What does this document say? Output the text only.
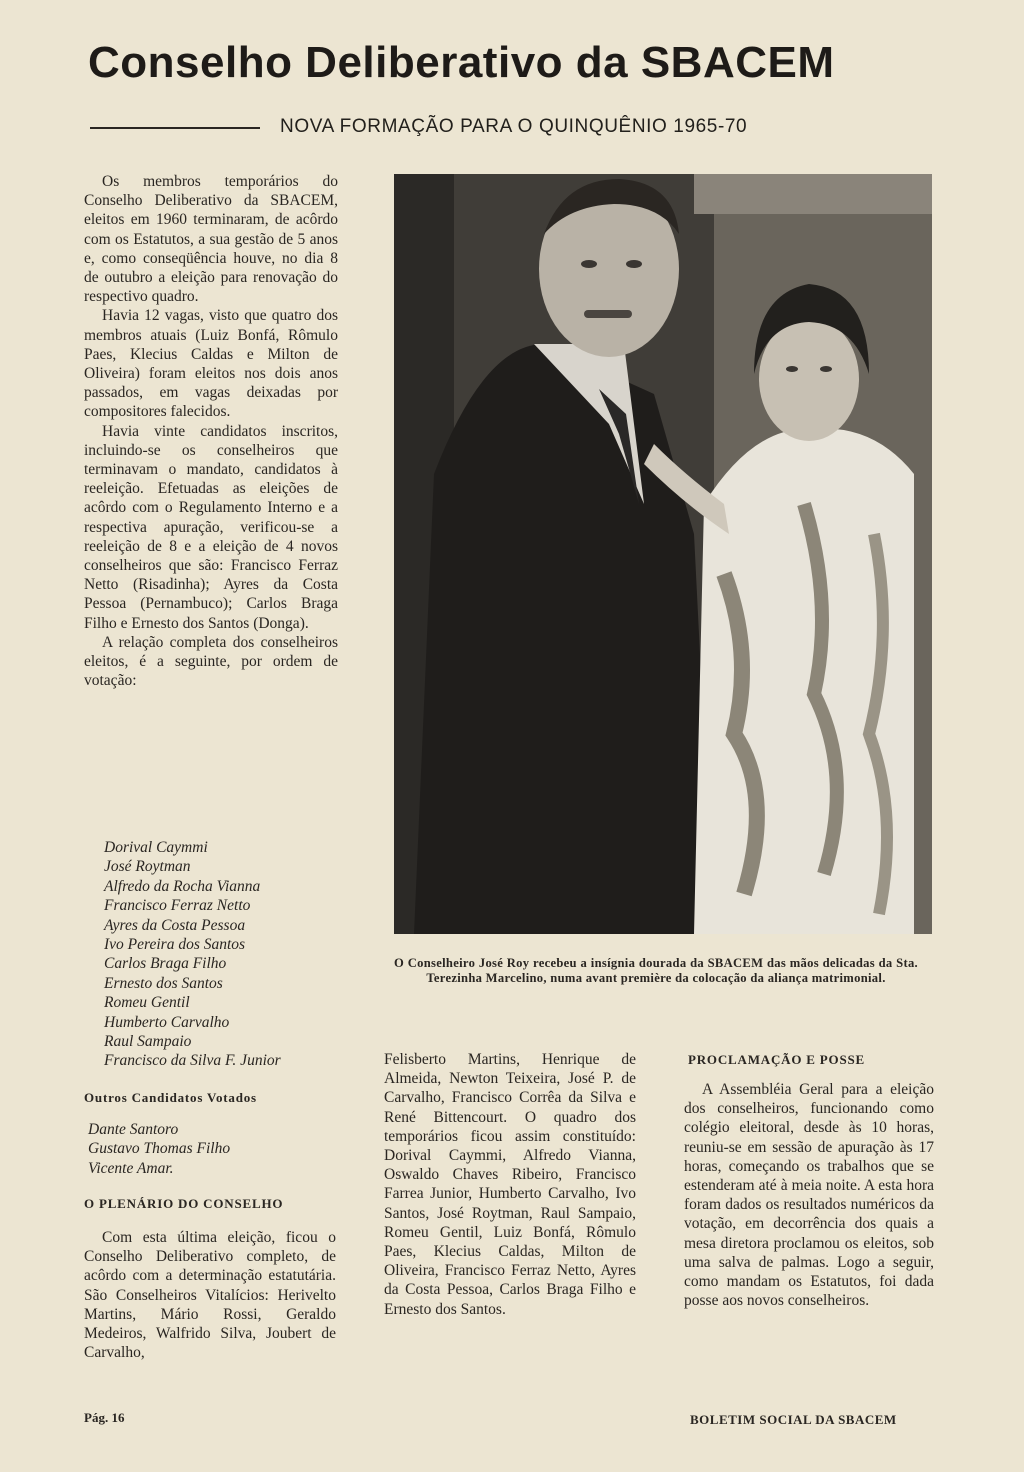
Conselho Deliberativo da SBACEM
NOVA FORMAÇÃO PARA O QUINQUÊNIO 1965-70

Os membros temporários do Conselho Deliberativo da SBACEM, eleitos em 1960 terminaram, de acôrdo com os Estatutos, a sua gestão de 5 anos e, como conseqüência houve, no dia 8 de outubro a eleição para renovação do respectivo quadro.

Havia 12 vagas, visto que quatro dos membros atuais (Luiz Bonfá, Rômulo Paes, Klecius Caldas e Milton de Oliveira) foram eleitos nos dois anos passados, em vagas deixadas por compositores falecidos.

Havia vinte candidatos inscritos, incluindo-se os conselheiros que terminavam o mandato, candidatos à reeleição. Efetuadas as eleições de acôrdo com o Regulamento Interno e a respectiva apuração, verificou-se a reeleição de 8 e a eleição de 4 novos conselheiros que são: Francisco Ferraz Netto (Risadinha); Ayres da Costa Pessoa (Pernambuco); Carlos Braga Filho e Ernesto dos Santos (Donga).

A relação completa dos conselheiros eleitos, é a seguinte, por ordem de votação:

Dorival Caymmi
José Roytman
Alfredo da Rocha Vianna
Francisco Ferraz Netto
Ayres da Costa Pessoa
Ivo Pereira dos Santos
Carlos Braga Filho
Ernesto dos Santos
Romeu Gentil
Humberto Carvalho
Raul Sampaio
Francisco da Silva F. Junior
Outros Candidatos Votados
Dante Santoro
Gustavo Thomas Filho
Vicente Amar.
O PLENÁRIO DO CONSELHO

Com esta última eleição, ficou o Conselho Deliberativo completo, de acôrdo com a determinação estatutária. São Conselheiros Vitalícios: Herivelto Martins, Mário Rossi, Geraldo Medeiros, Walfrido Silva, Joubert de Carvalho,

O Conselheiro José Roy recebeu a insígnia dourada da SBACEM das mãos delicadas da Sta. Terezinha Marcelino, numa avant première da colocação da aliança matrimonial.

Felisberto Martins, Henrique de Almeida, Newton Teixeira, José P. de Carvalho, Francisco Corrêa da Silva e René Bittencourt. O quadro dos temporários ficou assim constituído: Dorival Caymmi, Alfredo Vianna, Oswaldo Chaves Ribeiro, Francisco Farrea Junior, Humberto Carvalho, Ivo Santos, José Roytman, Raul Sampaio, Romeu Gentil, Luiz Bonfá, Rômulo Paes, Klecius Caldas, Milton de Oliveira, Francisco Ferraz Netto, Ayres da Costa Pessoa, Carlos Braga Filho e Ernesto dos Santos.

PROCLAMAÇÃO E POSSE

A Assembléia Geral para a eleição dos conselheiros, funcionando como colégio eleitoral, desde às 10 horas, reuniu-se em sessão de apuração às 17 horas, começando os trabalhos que se estenderam até à meia noite. A esta hora foram dados os resultados numéricos da votação, em decorrência dos quais a mesa diretora proclamou os eleitos, sob uma salva de palmas. Logo a seguir, como mandam os Estatutos, foi dada posse aos novos conselheiros.

Pág. 16	BOLETIM SOCIAL DA SBACEM
